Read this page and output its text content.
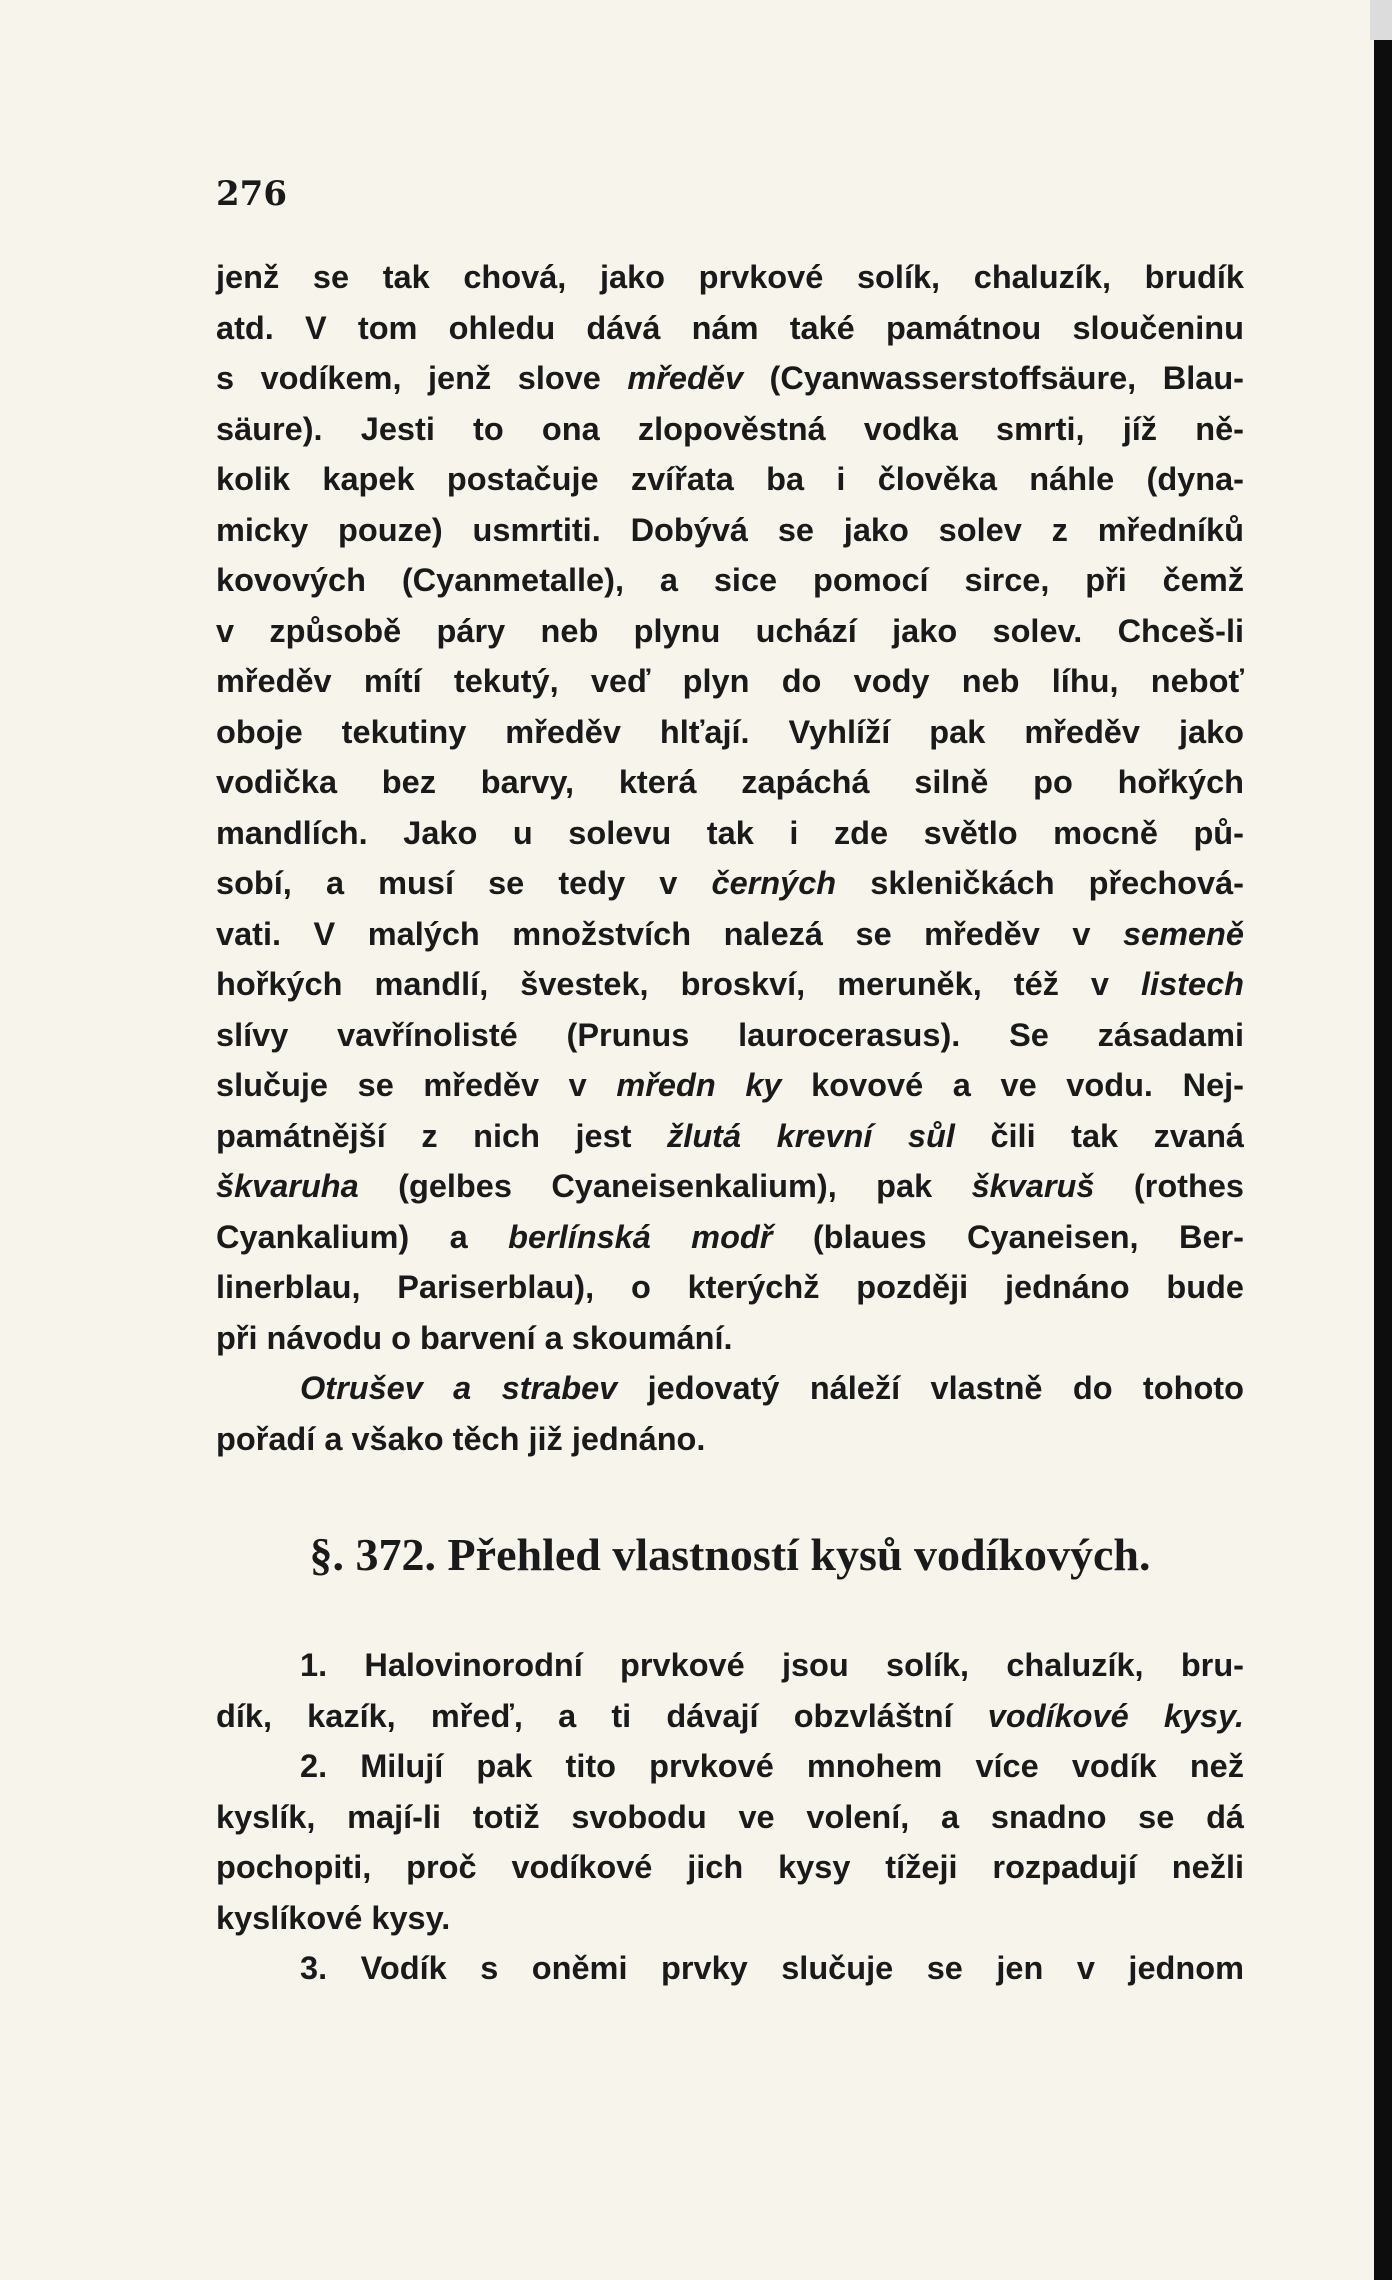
276
jenž se tak chová, jako prvkové solík, chaluzík, brudík
atd. V tom ohledu dává nám také památnou sloučeninu
s vodíkem, jenž slove mředěv (Cyanwasserstoffsäure, Blau-
säure). Jesti to ona zlopověstná vodka smrti, jíž ně-
kolik kapek postačuje zvířata ba i člověka náhle (dyna-
micky pouze) usmrtiti. Dobývá se jako solev z mředníků
kovových (Cyanmetalle), a sice pomocí sirce, při čemž
v způsobě páry neb plynu uchází jako solev. Chceš-li
mředěv mítí tekutý, veď plyn do vody neb líhu, neboť
oboje tekutiny mředěv hlťají. Vyhlíží pak mředěv jako
vodička bez barvy, která zapáchá silně po hořkých
mandlích. Jako u solevu tak i zde světlo mocně pů-
sobí, a musí se tedy v černých skleničkách přechová-
vati. V malých množstvích nalezá se mředěv v semeně
hořkých mandlí, švestek, broskví, meruněk, též v listech
slívy vavřínolisté (Prunus laurocerasus). Se zásadami
slučuje se mředěv v mředn ky kovové a ve vodu. Nej-
památnější z nich jest žlutá krevní sůl čili tak zvaná
škvaruha (gelbes Cyaneisenkalium), pak škvaruš (rothes
Cyankalium) a berlínská modř (blaues Cyaneisen, Ber-
linerblau, Pariserblau), o kterýchž později jednáno bude
při návodu o barvení a skoumání.
Otrušev a strabev jedovatý náleží vlastně do tohoto
pořadí a všako těch již jednáno.
§. 372. Přehled vlastností kysů vodíkových.
1. Halovinorodní prvkové jsou solík, chaluzík, bru-
dík, kazík, mřeď, a ti dávají obzvláštní vodíkové kysy.
2. Milují pak tito prvkové mnohem více vodík než
kyslík, mají-li totiž svobodu ve volení, a snadno se dá
pochopiti, proč vodíkové jich kysy tížeji rozpadují nežli
kyslíkové kysy.
3. Vodík s oněmi prvky slučuje se jen v jednom
